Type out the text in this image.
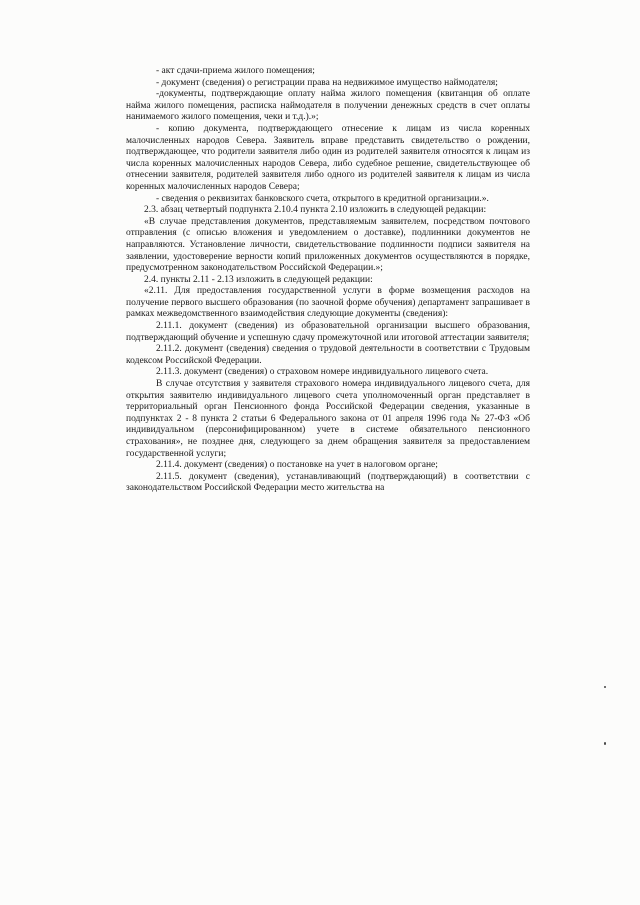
- акт сдачи-приема жилого помещения;

- документ (сведения) о регистрации права на недвижимое имущество наймодателя;

-документы, подтверждающие оплату найма жилого помещения (квитанция об оплате найма жилого помещения, расписка наймодателя в получении денежных средств в счет оплаты нанимаемого жилого помещения, чеки и т.д.).»;

- копию документа, подтверждающего отнесение к лицам из числа коренных малочисленных народов Севера. Заявитель вправе представить свидетельство о рождении, подтверждающее, что родители заявителя либо один из родителей заявителя относятся к лицам из числа коренных малочисленных народов Севера, либо судебное решение, свидетельствующее об отнесении заявителя, родителей заявителя либо одного из родителей заявителя к лицам из числа коренных малочисленных народов Севера;

- сведения о реквизитах банковского счета, открытого в кредитной организации.».

2.3. абзац четвертый подпункта 2.10.4 пункта 2.10 изложить в следующей редакции:

«В случае представления документов, представляемым заявителем, посредством почтового отправления (с описью вложения и уведомлением о доставке), подлинники документов не направляются. Установление личности, свидетельствование подлинности подписи заявителя на заявлении, удостоверение верности копий приложенных документов осуществляются в порядке, предусмотренном законодательством Российской Федерации.»;

2.4. пункты 2.11 - 2.13 изложить в следующей редакции:

«2.11. Для предоставления государственной услуги в форме возмещения расходов на получение первого высшего образования (по заочной форме обучения) департамент запрашивает в рамках межведомственного взаимодействия следующие документы (сведения):

2.11.1. документ (сведения) из образовательной организации высшего образования, подтверждающий обучение и успешную сдачу промежуточной или итоговой аттестации заявителя;

2.11.2. документ (сведения) сведения о трудовой деятельности в соответствии с Трудовым кодексом Российской Федерации.

2.11.3. документ (сведения) о страховом номере индивидуального лицевого счета.

В случае отсутствия у заявителя страхового номера индивидуального лицевого счета, для открытия заявителю индивидуального лицевого счета уполномоченный орган представляет в территориальный орган Пенсионного фонда Российской Федерации сведения, указанные в подпунктах 2 - 8 пункта 2 статьи 6 Федерального закона от 01 апреля 1996 года № 27-ФЗ «Об индивидуальном (персонифицированном) учете в системе обязательного пенсионного страхования», не позднее дня, следующего за днем обращения заявителя за предоставлением государственной услуги;

2.11.4. документ (сведения) о постановке на учет в налоговом органе;

2.11.5. документ (сведения), устанавливающий (подтверждающий) в соответствии с законодательством Российской Федерации место жительства на
